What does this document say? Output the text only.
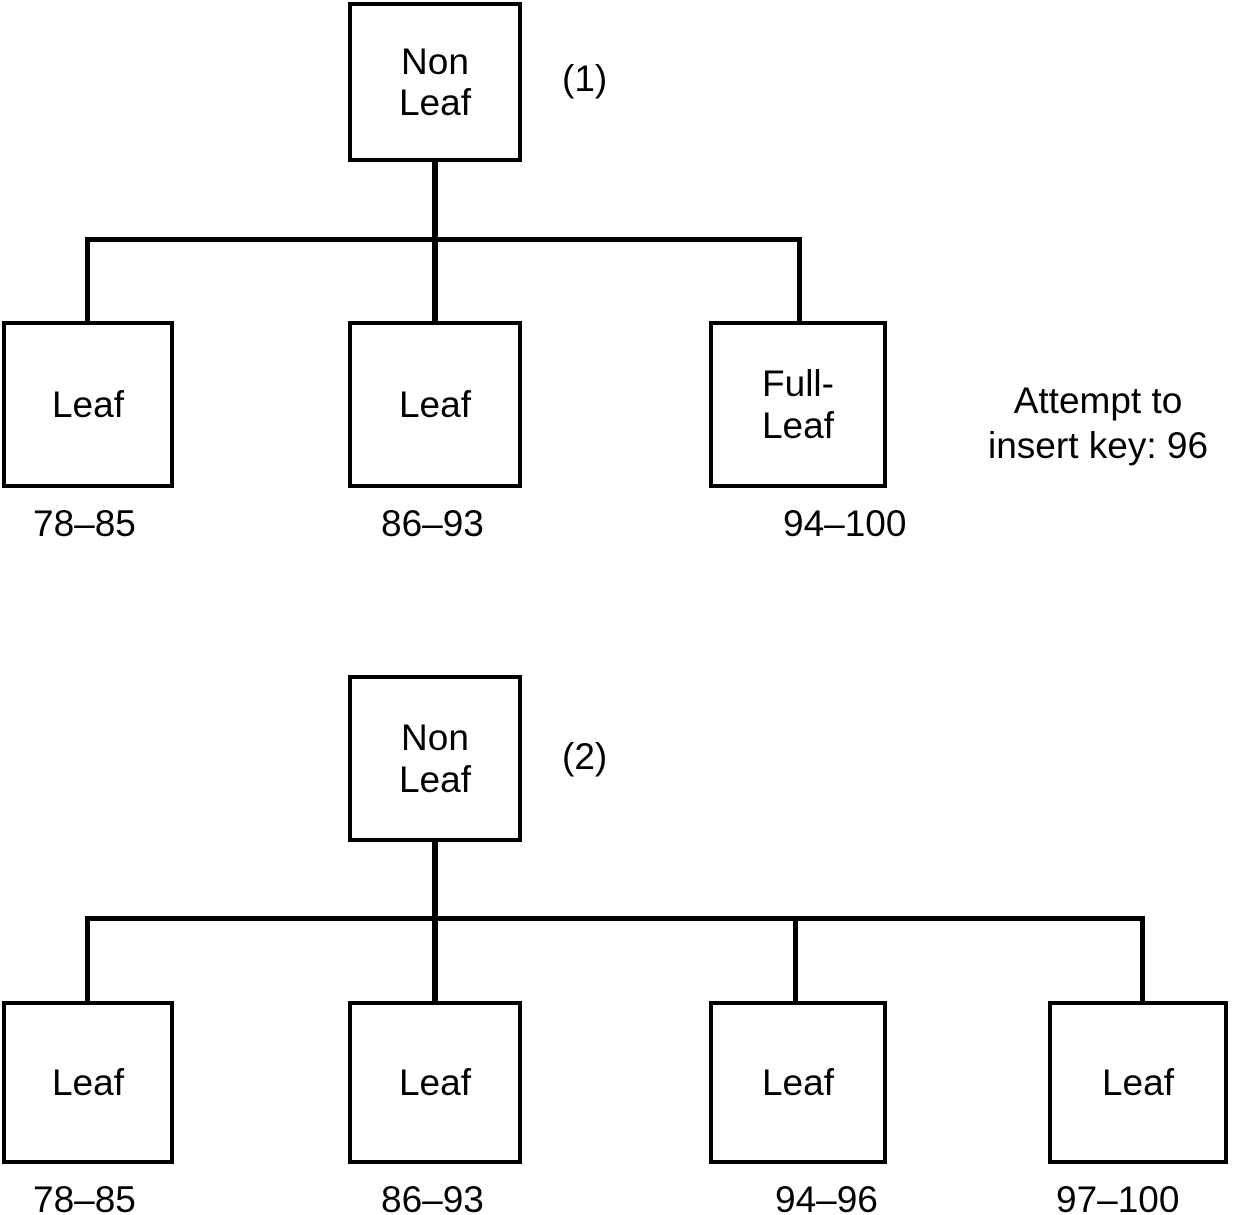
Non
Leaf
(1)
Leaf	Leaf
Full-
Leaf
78–85	86–93	94–100
Attempt to
insert key: 96
Non
Leaf
(2)
Leaf	Leaf	Leaf	Leaf
78–85	86–93	94–96	97–100
